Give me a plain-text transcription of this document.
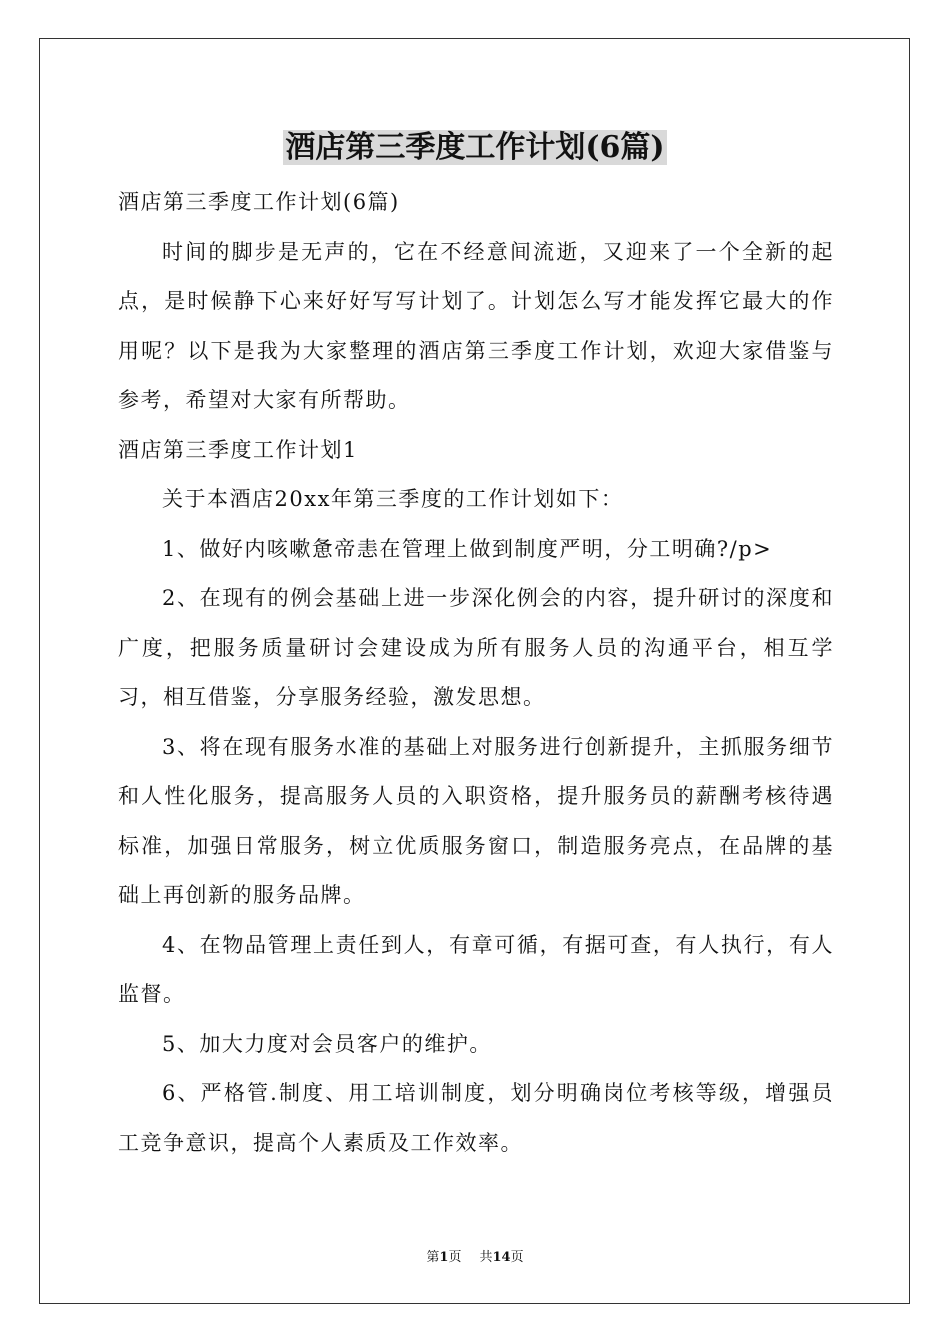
酒店第三季度工作计划(6篇)

酒店第三季度工作计划(6篇)

时间的脚步是无声的，它在不经意间流逝，又迎来了一个全新的起点，是时候静下心来好好写写计划了。计划怎么写才能发挥它最大的作用呢？以下是我为大家整理的酒店第三季度工作计划，欢迎大家借鉴与参考，希望对大家有所帮助。

酒店第三季度工作计划1

关于本酒店20xx年第三季度的工作计划如下：

1、做好内咳嗽惫帝恚在管理上做到制度严明，分工明确?/p>

2、在现有的例会基础上进一步深化例会的内容，提升研讨的深度和广度，把服务质量研讨会建设成为所有服务人员的沟通平台，相互学习，相互借鉴，分享服务经验，激发思想。

3、将在现有服务水准的基础上对服务进行创新提升，主抓服务细节和人性化服务，提高服务人员的入职资格，提升服务员的薪酬考核待遇标准，加强日常服务，树立优质服务窗口，制造服务亮点，在品牌的基础上再创新的服务品牌。

4、在物品管理上责任到人，有章可循，有据可查，有人执行，有人监督。

5、加大力度对会员客户的维护。

6、严格管.制度、用工培训制度，划分明确岗位考核等级，增强员工竞争意识，提高个人素质及工作效率。

第1页 共14页
